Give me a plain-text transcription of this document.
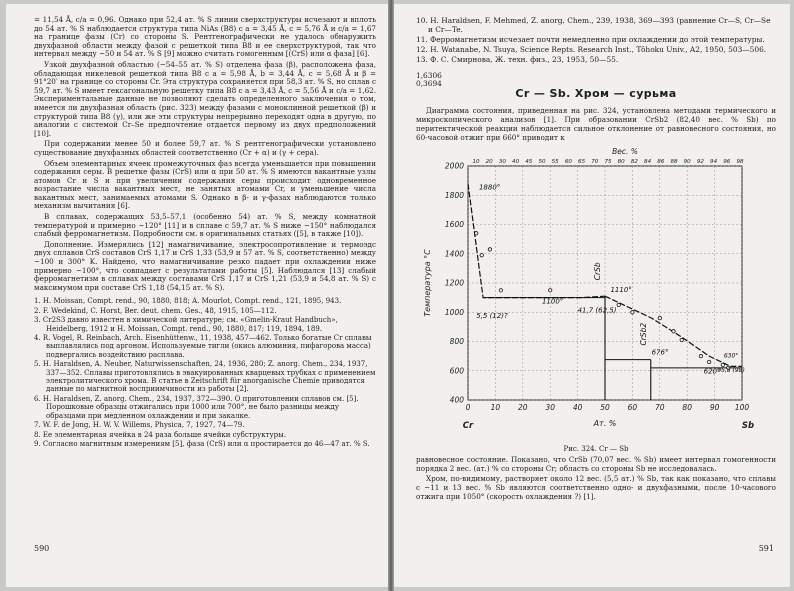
= 11,54 Å, c/a = 0,96. Однако при 52,4 ат. % S линии сверхструктуры исчезают и вплоть до 54 ат. % S наблюдается структура типа NiAs (B8) с a = 3,45 Å, c = 5,76 Å и c/a = 1,67 на границе фазы (Cr) со стороны S. Рентгенографически не удалось обнаружить двухфазной области между фазой с решеткой типа B8 и ее сверхструктурой, так что интервал между ~50 и 54 ат. % S [9] можно считать гомогенным [(CrS) или α фаза] [6].

Узкой двухфазной областью (~54–55 ат. % S) отделена фаза (β), расположена фаза, обладающая никелевой решеткой типа B8 с a = 5,98 Å, b = 3,44 Å, c = 5,68 Å и β = 91°20′ на границе со стороны Cr. Эта структура сохраняется при 58,3 ат. % S, но сплав с 59,7 ат. % S имеет гексагональную решетку типа B8 с a = 3,43 Å, c = 5,56 Å и c/a = 1,62. Экспериментальные данные не позволяют сделать определенного заключения о том, имеется ли двухфазная область (рис. 323) между фазами с моноклинной решеткой (β) и структурой типа B8 (γ), или же эти структуры непрерывно переходят одна в другую, по аналогии с системой Cr–Se предпочтение отдается первому из двух предположений [10].

При содержании менее 50 и более 59,7 ат. % S рентгенографически установлено существование двухфазных областей соответственно (Cr + α) и (γ + сера).

Объем элементарных ячеек промежуточных фаз всегда уменьшается при повышении содержания серы. В решетке фазы (CrS) или α при 50 ат. % S имеются вакантные узлы атомов Cr и S и при увеличении содержания серы происходит одновременное возрастание числа вакантных мест, не занятых атомами Cr, и уменьшение числа вакантных мест, занимаемых атомами S. Однако в β- и γ-фазах наблюдаются только механизм вычитания [6].

В сплавах, содержащих 53,5–57,1 (особенно 54) ат. % S, между комнатной температурой и примерно ~120° [11] и в сплаве с 59,7 ат. % S ниже ~150° наблюдался слабый ферромагнетизм. Подробности см. в оригинальных статьях ([5], в также [10]).

Дополнение. Измерялись [12] намагничивание, электросопротивление и термоэдс двух сплавов CrS составов CrS 1,17 и CrS 1,33 (53,9 и 57 ат. % S, соответственно) между ~100 и 300° K. Найдено, что намагничивание резко падает при охлаждении ниже примерно ~100°, что совпадает с результатами работы [5]. Наблюдался [13] слабый ферромагнетизм в сплавах между составами CrS 1,17 и CrS 1,21 (53,9 и 54,8 ат. % S) с максимумом при составе CrS 1,18 (54,15 ат. % S).

1. H. Moissan, Compt. rend., 90, 1880, 818; A. Mourlot, Compt. rend., 121, 1895, 943.

2. F. Wedekind, C. Horst, Ber. deut. chem. Ges., 48, 1915, 105—112.

3. Cr2S3 давно известен в химической литературе; см. «Gmelin-Kraut Handbuch», Heidelberg, 1912 и H. Moissan, Compt. rend., 90, 1880, 817; 119, 1894, 189.

4. R. Vogel, R. Reinbach, Arch. Eisenhüttenw., 11, 1938, 457—462. Только богатые Cr сплавы выплавлялись под аргоном. Используемые тигли (окись алюминия, пифагорова масса) подвергались воздействию расплава.

5. H. Haraldsen, A. Neuber, Naturwissenschaften, 24, 1936, 280; Z. anorg. Chem., 234, 1937, 337—352. Сплавы приготовлялись в эвакуированных кварцевых трубках с применением электролитического хрома. В статье в Zeitschrift für anorganische Chemie приводятся данные по магнитной восприимчивости из работы [2].

6. H. Haraldsen, Z. anorg. Chem., 234, 1937, 372—390. О приготовлении сплавов см. [5]. Порошковые образцы отжигались при 1000 или 700°, не было разницы между образцами при медленном охлаждении и при закалке.

7. W. F. de Jong, H. W. V. Willems, Physica, 7, 1927, 74—79.

8. Ее элементарная ячейка в 24 раза больше ячейки субструктуры.

9. Согласно магнитным измерениям [5], фаза (CrS) или α простирается до 46—47 ат. % S.

590

10. H. Haraldsen, F. Mehmed, Z. anorg. Chem., 239, 1938, 369—393 (равнение Cr—S, Cr—Se и Cr—Te.

11. Ферромагнетизм исчезает почти немедленно при охлаждении до этой температуры.

12. H. Watanabe, N. Tsuya, Science Repts. Research Inst., Tôhoku Univ., A2, 1950, 503—506.

13. Ф. С. Смирнова, Ж. техн. физ., 23, 1953, 50—55.

1,6306
0,3694
Cr — Sb. Хром — сурьма

Диаграмма состояния, приведенная на рис. 324, установлена методами термического и микроскопического анализов [1]. При образовании CrSb2 (82,40 вес. % Sb) по перитектической реакции наблюдается сильное отклонение от равновесного состояния, но 60-часовой отжиг при 660° приводит к

0	10 20 30 40 50 60 70 80 90 100
400
600
800
1000
1200
1400
1600
1800
2000 10 20 30 40 45 50 55 60 65 70 75 80 82 84 86 88 90 92 94 96 98
Вес. %
Ат. %
Температура °C
Cr	Sb
CrSb
CrSb2
1880°
1100°
1110°
5,5 (12)?
41,7 (62,5)
676°
620°
630°
95,8 (98)
Рис. 324. Cr — Sb

равновесное состояние. Показано, что CrSb (70,07 вес. % Sb) имеет интервал гомогенности порядка 2 вес. (ат.) % со стороны Cr; область со стороны Sb не исследовалась.

Хром, по-видимому, растворяет около 12 вес. (5,5 ат.) % Sb, так как показано, что сплавы с ~11 и 13 вес. % Sb являются соответственно одно- и двухфазными, после 10-часового отжига при 1050° (скорость охлаждения ?) [1].

591
